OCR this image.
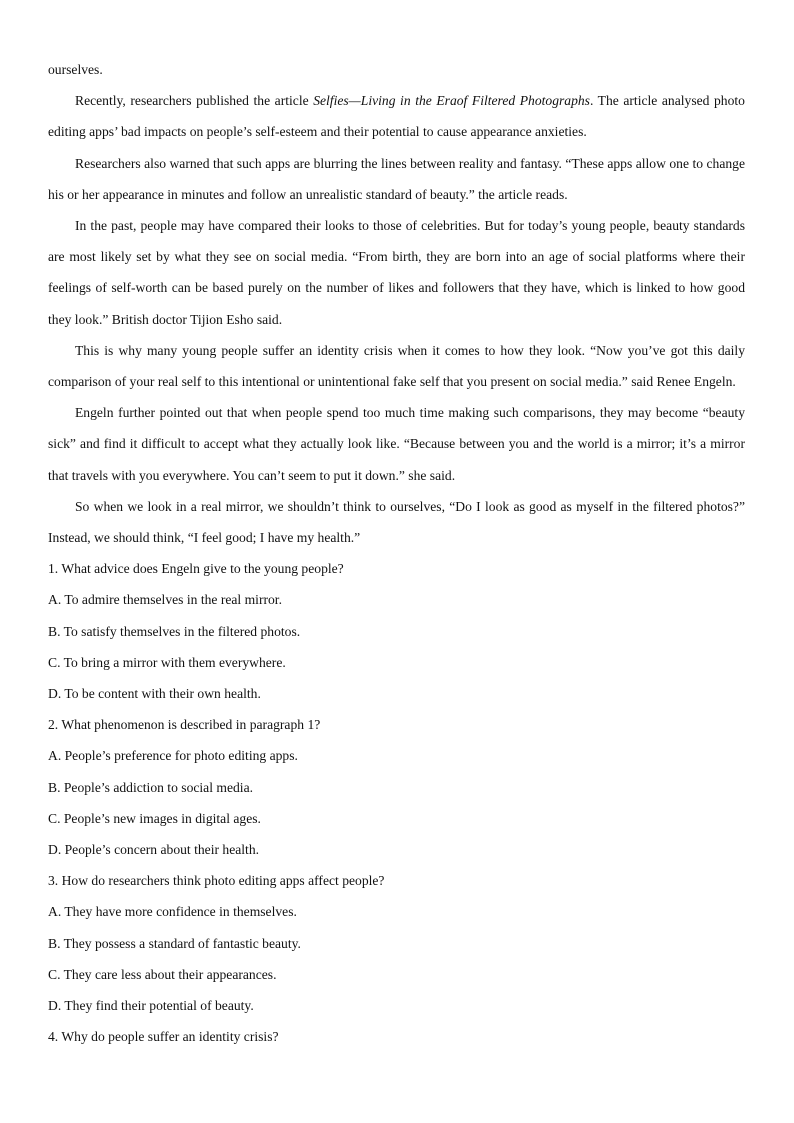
ourselves.

Recently, researchers published the article Selfies—Living in the Eraof Filtered Photographs. The article analysed photo editing apps’ bad impacts on people’s self-esteem and their potential to cause appearance anxieties.

Researchers also warned that such apps are blurring the lines between reality and fantasy. “These apps allow one to change his or her appearance in minutes and follow an unrealistic standard of beauty.” the article reads.

In the past, people may have compared their looks to those of celebrities. But for today’s young people, beauty standards are most likely set by what they see on social media. “From birth, they are born into an age of social platforms where their feelings of self-worth can be based purely on the number of likes and followers that they have, which is linked to how good they look.” British doctor Tijion Esho said.

This is why many young people suffer an identity crisis when it comes to how they look. “Now you’ve got this daily comparison of your real self to this intentional or unintentional fake self that you present on social media.” said Renee Engeln.

Engeln further pointed out that when people spend too much time making such comparisons, they may become “beauty sick” and find it difficult to accept what they actually look like. “Because between you and the world is a mirror; it’s a mirror that travels with you everywhere. You can’t seem to put it down.” she said.

So when we look in a real mirror, we shouldn’t think to ourselves, “Do I look as good as myself in the filtered photos?” Instead, we should think, “I feel good; I have my health.”

1. What advice does Engeln give to the young people?

A. To admire themselves in the real mirror.

B. To satisfy themselves in the filtered photos.

C. To bring a mirror with them everywhere.

D. To be content with their own health.

2. What phenomenon is described in paragraph 1?

A. People’s preference for photo editing apps.

B. People’s addiction to social media.

C. People’s new images in digital ages.

D. People’s concern about their health.

3. How do researchers think photo editing apps affect people?

A. They have more confidence in themselves.

B. They possess a standard of fantastic beauty.

C. They care less about their appearances.

D. They find their potential of beauty.

4. Why do people suffer an identity crisis?
